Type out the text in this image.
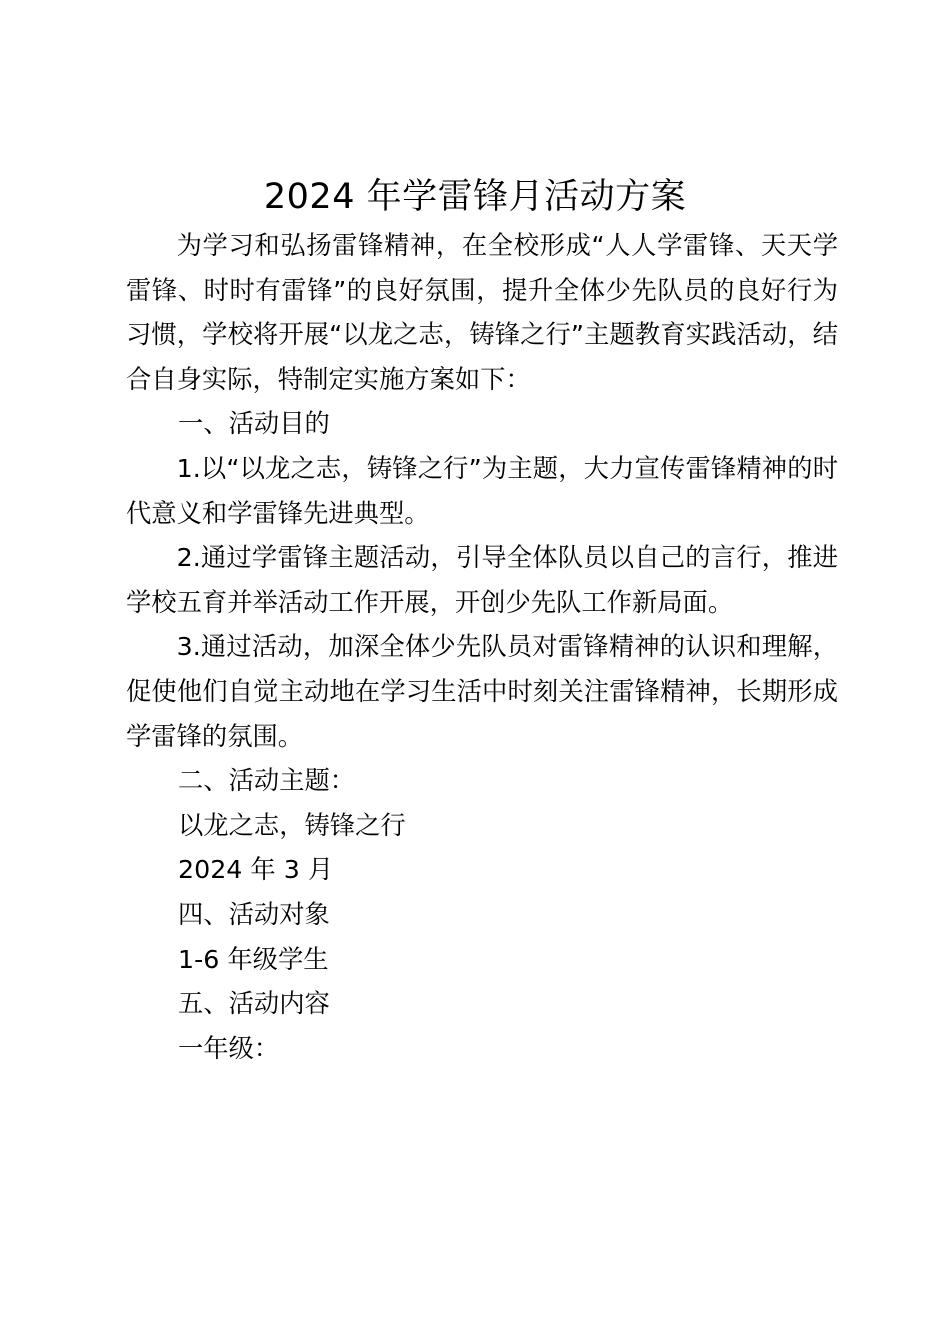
2024 年学雷锋月活动方案

为学习和弘扬雷锋精神，在全校形成“人人学雷锋、天天学雷锋、时时有雷锋”的良好氛围，提升全体少先队员的良好行为习惯，学校将开展“以龙之志，铸锋之行”主题教育实践活动，结合自身实际，特制定实施方案如下：

一、活动目的

1.以“以龙之志，铸锋之行”为主题，大力宣传雷锋精神的时代意义和学雷锋先进典型。

2.通过学雷锋主题活动，引导全体队员以自己的言行，推进学校五育并举活动工作开展，开创少先队工作新局面。

3.通过活动，加深全体少先队员对雷锋精神的认识和理解，促使他们自觉主动地在学习生活中时刻关注雷锋精神，长期形成学雷锋的氛围。

二、活动主题：

以龙之志，铸锋之行

2024 年 3 月

四、活动对象

1-6 年级学生

五、活动内容

一年级：
